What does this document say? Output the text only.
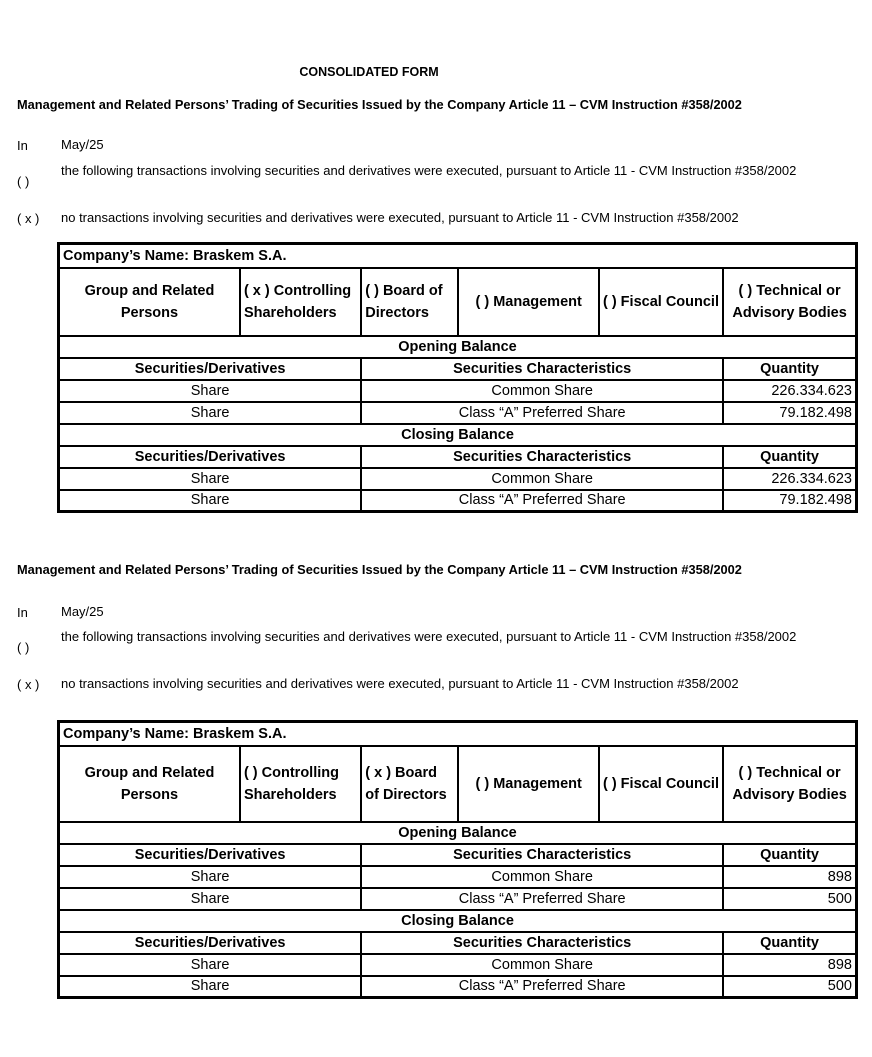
CONSOLIDATED FORM
Management and Related Persons’ Trading of Securities Issued by the Company Article 11 – CVM Instruction #358/2002
In	May/25
( )
the following transactions involving securities and derivatives were executed, pursuant to Article 11 - CVM Instruction #358/2002
( x ) no transactions involving securities and derivatives were executed, pursuant to Article 11 - CVM Instruction #358/2002
Company’s Name: Braskem S.A.					
Group and Related Persons	( x ) Controlling Shareholders	( ) Board of Directors	( ) Management	( ) Fiscal Council	( ) Technical or Advisory Bodies
Opening Balance					
Securities/Derivatives		Securities Characteristics			Quantity
Share		Common Share			226.334.623
Share		Class “A” Preferred Share			79.182.498
Closing Balance					
Securities/Derivatives		Securities Characteristics			Quantity
Share		Common Share			226.334.623
Share		Class “A” Preferred Share			79.182.498
Management and Related Persons’ Trading of Securities Issued by the Company Article 11 – CVM Instruction #358/2002
In	May/25
( )
the following transactions involving securities and derivatives were executed, pursuant to Article 11 - CVM Instruction #358/2002
( x ) no transactions involving securities and derivatives were executed, pursuant to Article 11 - CVM Instruction #358/2002
Company’s Name: Braskem S.A.					
Group and Related Persons	( ) Controlling Shareholders	( x ) Board of Directors	( ) Management	( ) Fiscal Council	( ) Technical or Advisory Bodies
Opening Balance					
Securities/Derivatives		Securities Characteristics			Quantity
Share		Common Share			898
Share		Class “A” Preferred Share			500
Closing Balance					
Securities/Derivatives		Securities Characteristics			Quantity
Share		Common Share			898
Share		Class “A” Preferred Share			500
